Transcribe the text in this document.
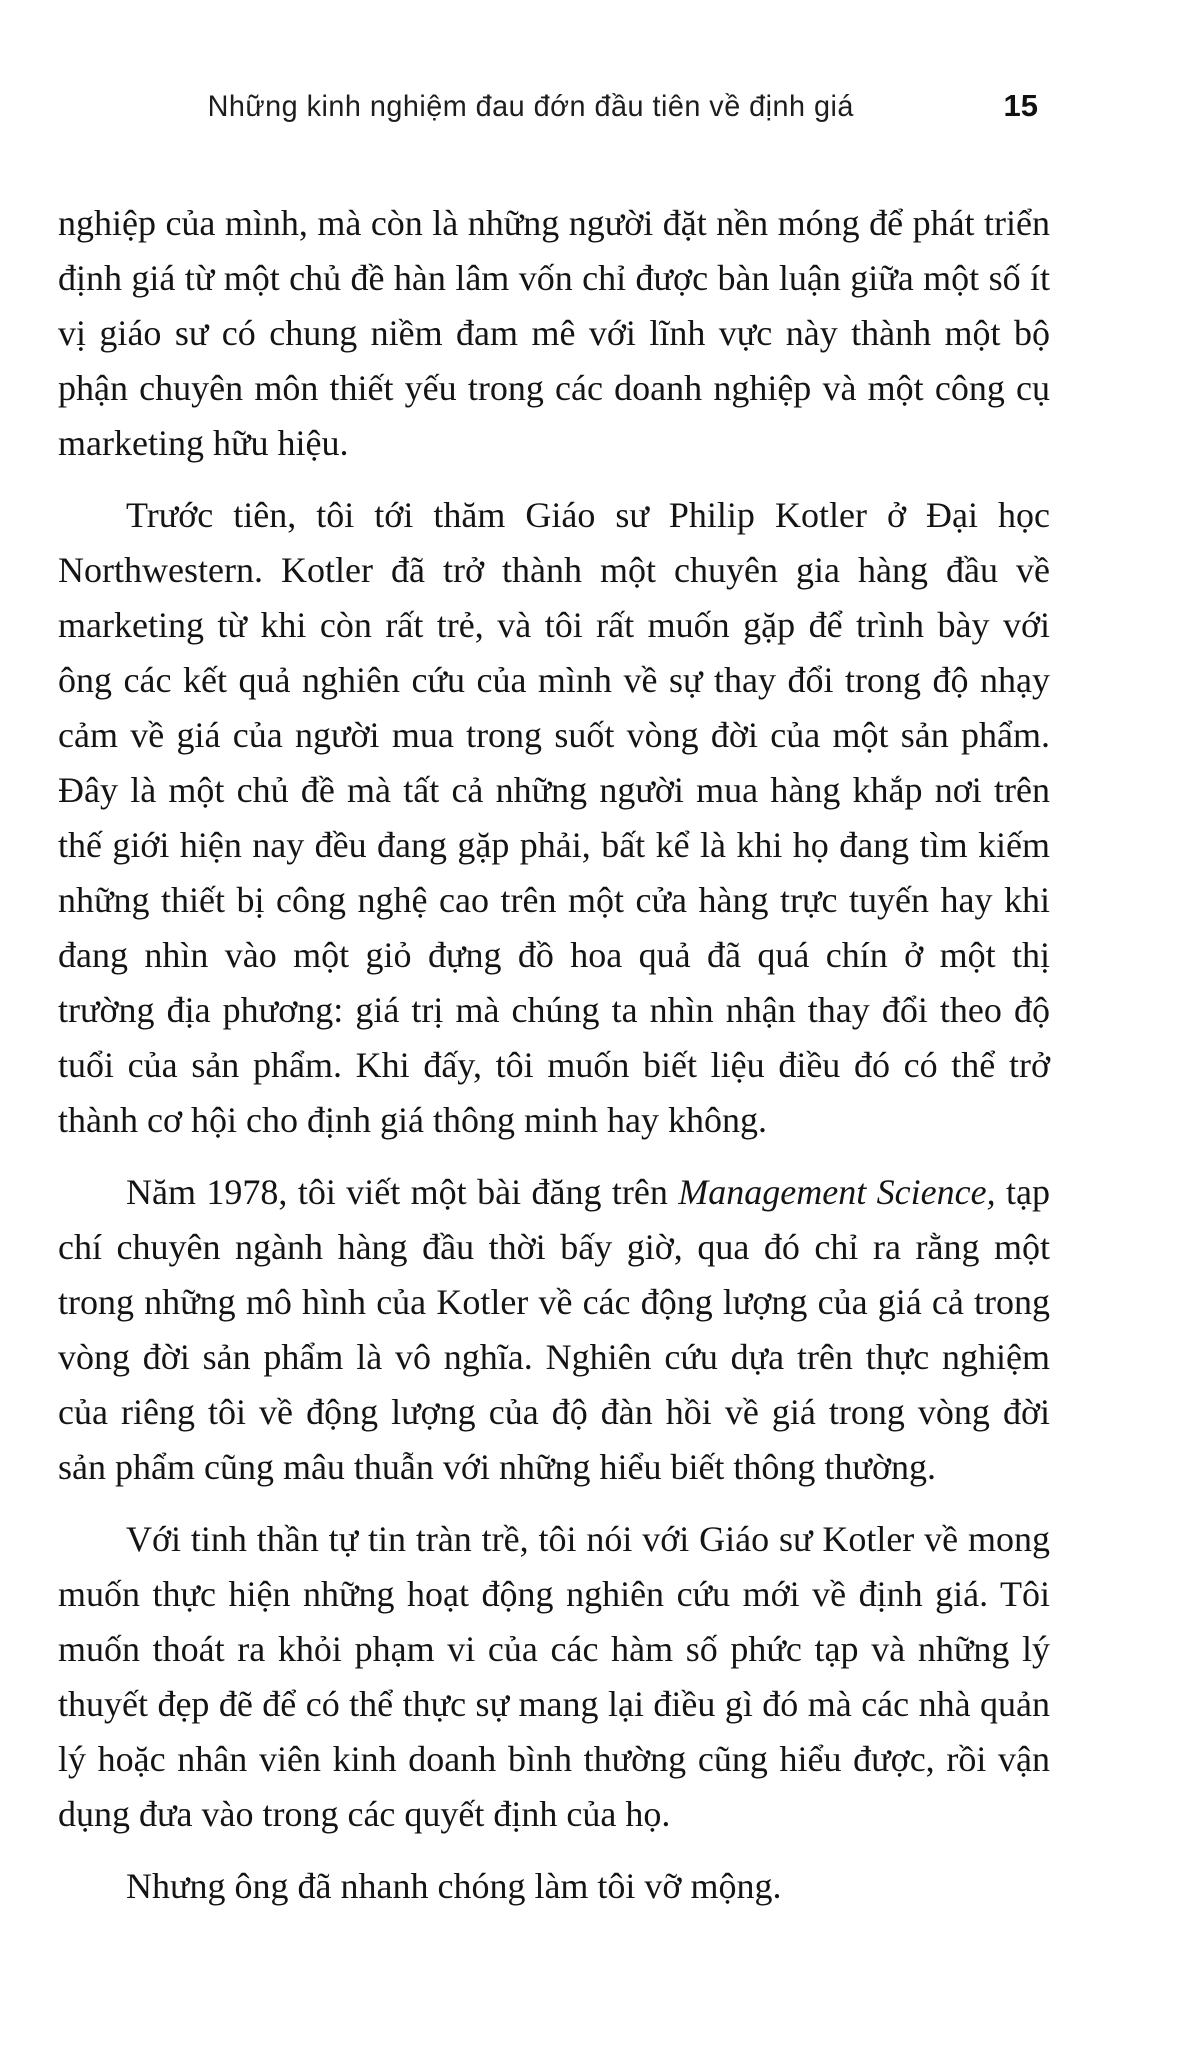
Những kinh nghiệm đau đớn đầu tiên về định giá	15

nghiệp của mình, mà còn là những người đặt nền móng để phát triển định giá từ một chủ đề hàn lâm vốn chỉ được bàn luận giữa một số ít vị giáo sư có chung niềm đam mê với lĩnh vực này thành một bộ phận chuyên môn thiết yếu trong các doanh nghiệp và một công cụ marketing hữu hiệu.

Trước tiên, tôi tới thăm Giáo sư Philip Kotler ở Đại học Northwestern. Kotler đã trở thành một chuyên gia hàng đầu về marketing từ khi còn rất trẻ, và tôi rất muốn gặp để trình bày với ông các kết quả nghiên cứu của mình về sự thay đổi trong độ nhạy cảm về giá của người mua trong suốt vòng đời của một sản phẩm. Đây là một chủ đề mà tất cả những người mua hàng khắp nơi trên thế giới hiện nay đều đang gặp phải, bất kể là khi họ đang tìm kiếm những thiết bị công nghệ cao trên một cửa hàng trực tuyến hay khi đang nhìn vào một giỏ đựng đồ hoa quả đã quá chín ở một thị trường địa phương: giá trị mà chúng ta nhìn nhận thay đổi theo độ tuổi của sản phẩm. Khi đấy, tôi muốn biết liệu điều đó có thể trở thành cơ hội cho định giá thông minh hay không.

Năm 1978, tôi viết một bài đăng trên Management Science, tạp chí chuyên ngành hàng đầu thời bấy giờ, qua đó chỉ ra rằng một trong những mô hình của Kotler về các động lượng của giá cả trong vòng đời sản phẩm là vô nghĩa. Nghiên cứu dựa trên thực nghiệm của riêng tôi về động lượng của độ đàn hồi về giá trong vòng đời sản phẩm cũng mâu thuẫn với những hiểu biết thông thường.

Với tinh thần tự tin tràn trề, tôi nói với Giáo sư Kotler về mong muốn thực hiện những hoạt động nghiên cứu mới về định giá. Tôi muốn thoát ra khỏi phạm vi của các hàm số phức tạp và những lý thuyết đẹp đẽ để có thể thực sự mang lại điều gì đó mà các nhà quản lý hoặc nhân viên kinh doanh bình thường cũng hiểu được, rồi vận dụng đưa vào trong các quyết định của họ.

Nhưng ông đã nhanh chóng làm tôi vỡ mộng.
